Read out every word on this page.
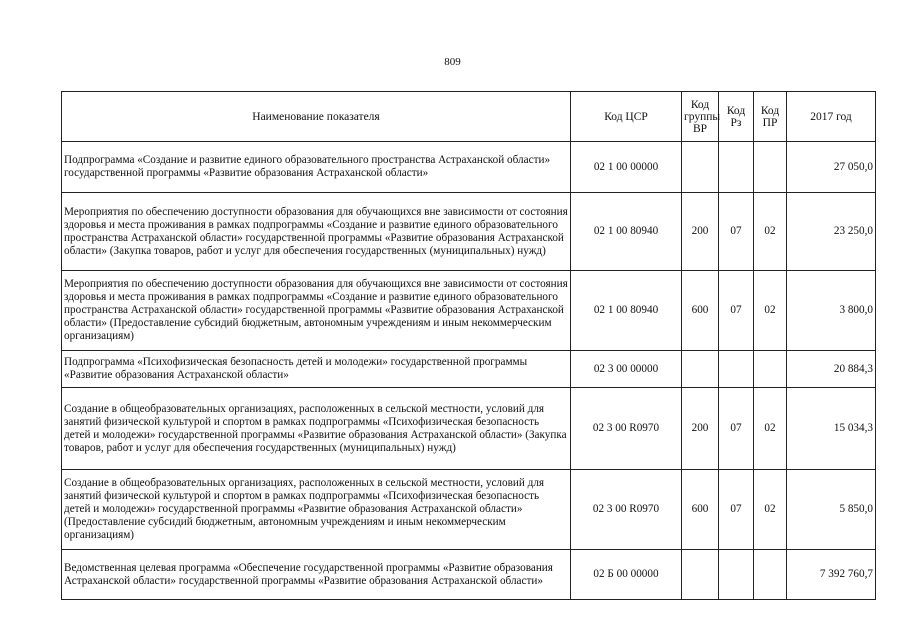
809
Наименование показателя	Код ЦСР	Код группы ВР	Код Рз	Код ПР	2017 год
Подпрограмма «Создание и развитие единого образовательного пространства Астраханской области» государственной программы «Развитие образования Астраханской области»	02 1 00 00000				27 050,0
Мероприятия по обеспечению доступности образования для обучающихся вне зависимости от состояния здоровья и места проживания в рамках подпрограммы «Создание и развитие единого образовательного пространства Астраханской области» государственной программы «Развитие образования Астраханской области» (Закупка товаров, работ и услуг для обеспечения государственных (муниципальных) нужд)	02 1 00 80940	200	07	02	23 250,0
Мероприятия по обеспечению доступности образования для обучающихся вне зависимости от состояния здоровья и места проживания в рамках подпрограммы «Создание и развитие единого образовательного пространства Астраханской области» государственной программы «Развитие образования Астраханской области» (Предоставление субсидий бюджетным, автономным учреждениям и иным некоммерческим организациям)	02 1 00 80940	600	07	02	3 800,0
Подпрограмма «Психофизическая безопасность детей и молодежи» государственной программы «Развитие образования Астраханской области»	02 3 00 00000				20 884,3
Создание в общеобразовательных организациях, расположенных в сельской местности, условий для занятий физической культурой и спортом в рамках подпрограммы «Психофизическая безопасность детей и молодежи» государственной программы «Развитие образования Астраханской области» (Закупка товаров, работ и услуг для обеспечения государственных (муниципальных) нужд)	02 3 00 R0970	200	07	02	15 034,3
Создание в общеобразовательных организациях, расположенных в сельской местности, условий для занятий физической культурой и спортом в рамках подпрограммы «Психофизическая безопасность детей и молодежи» государственной программы «Развитие образования Астраханской области» (Предоставление субсидий бюджетным, автономным учреждениям и иным некоммерческим организациям)	02 3 00 R0970	600	07	02	5 850,0
Ведомственная целевая программа «Обеспечение государственной программы «Развитие образования Астраханской области» государственной программы «Развитие образования Астраханской области»	02 Б 00 00000				7 392 760,7
